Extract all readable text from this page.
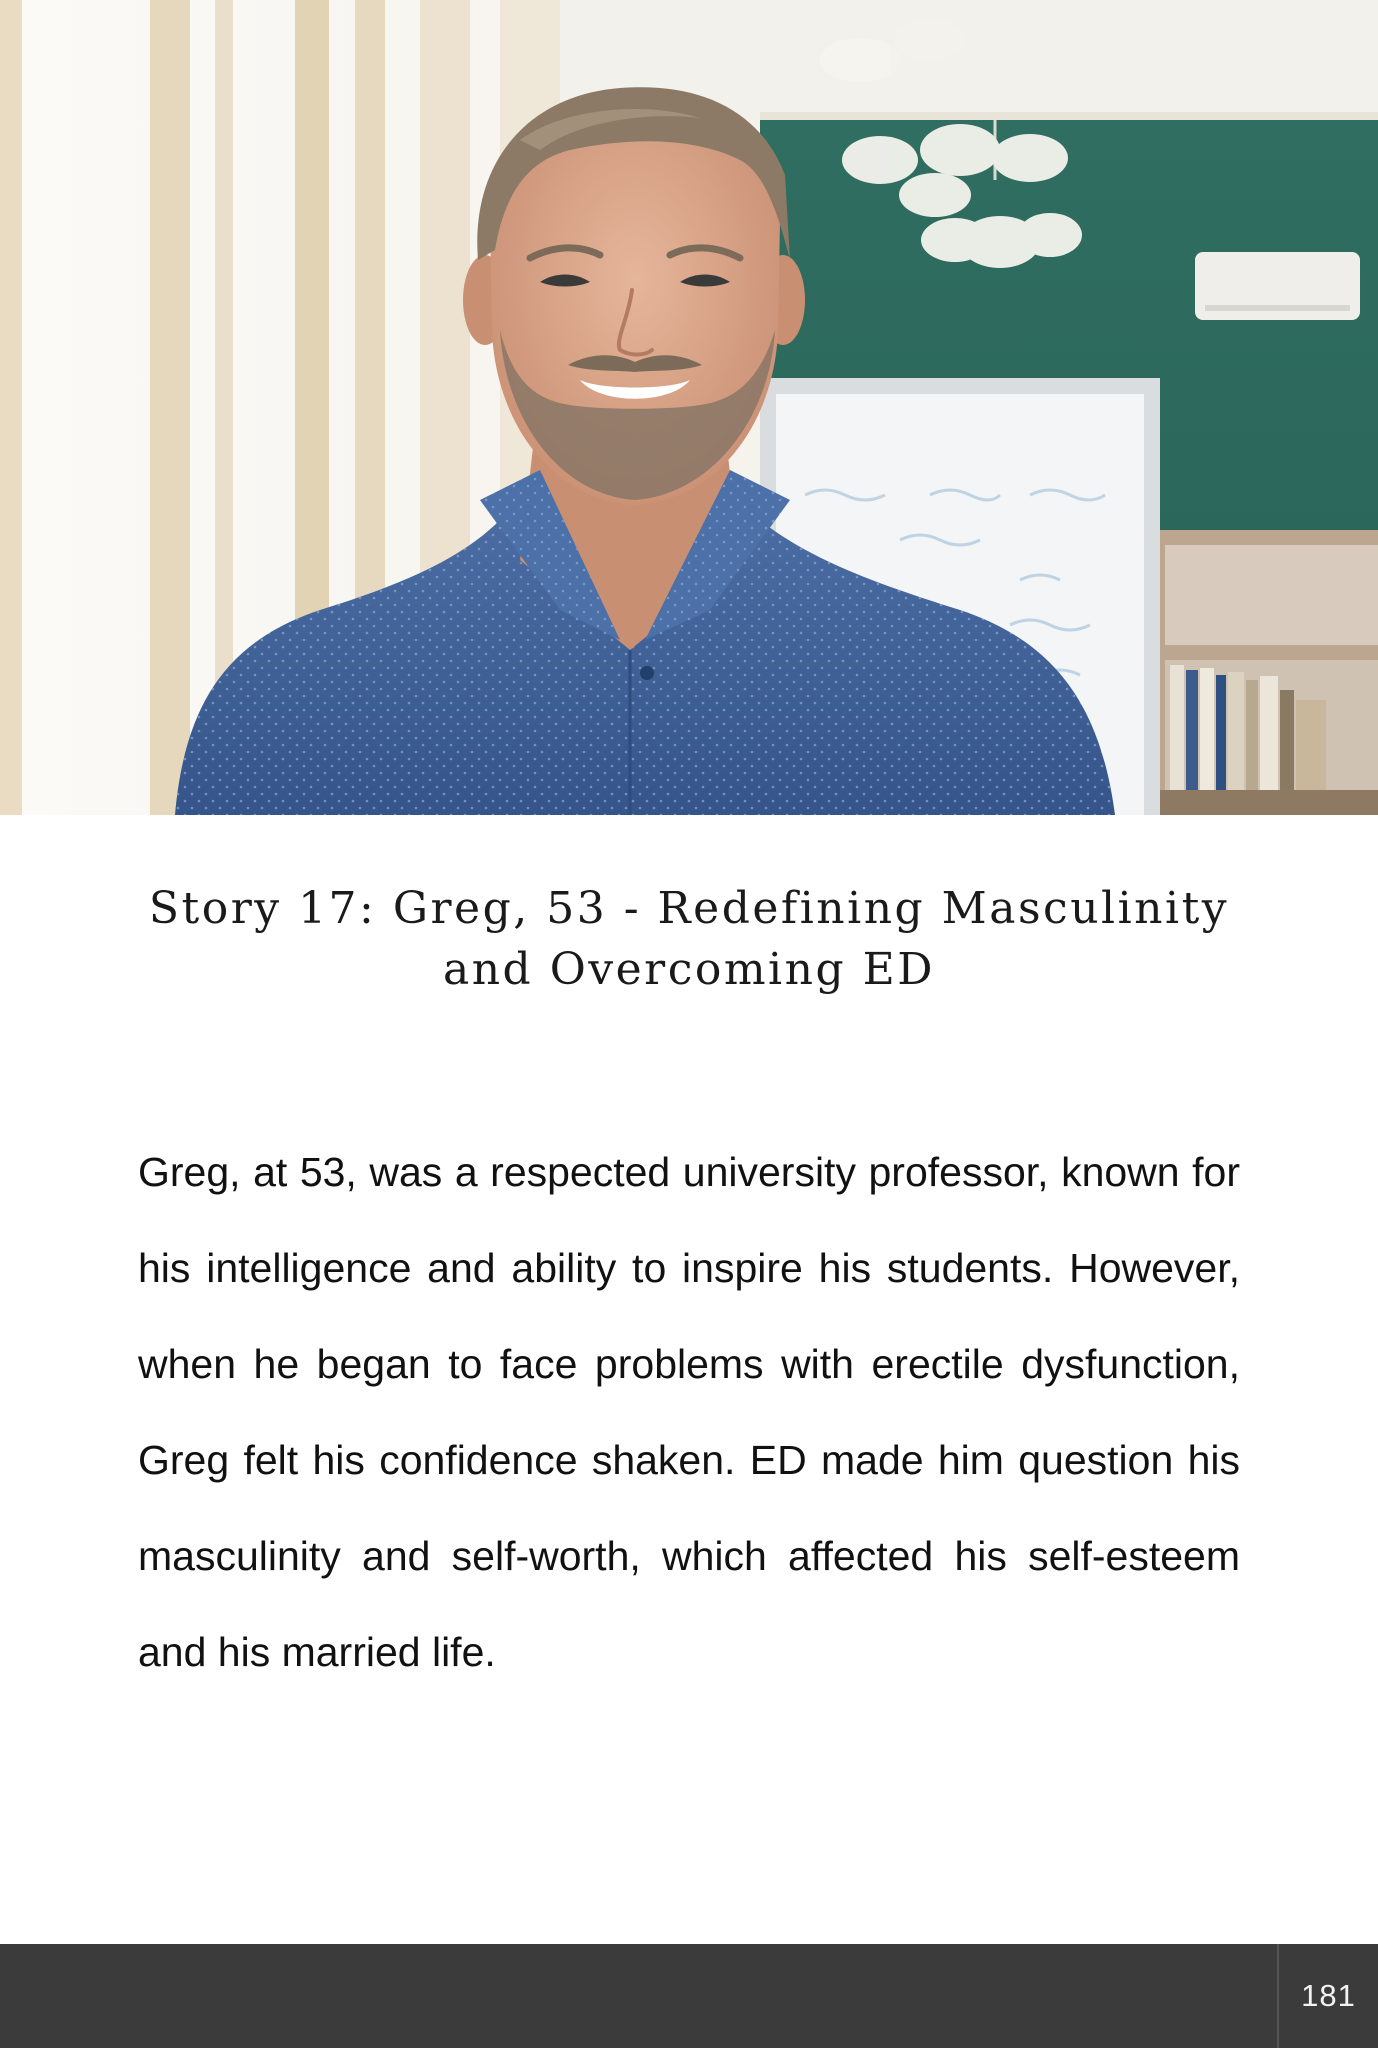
Story 17: Greg, 53 - Redefining Masculinity and Overcoming ED

Greg, at 53, was a respected university professor, known for his intelligence and ability to inspire his students. However, when he began to face problems with erectile dysfunction, Greg felt his confidence shaken. ED made him question his masculinity and self-worth, which affected his self-esteem and his married life.

181
